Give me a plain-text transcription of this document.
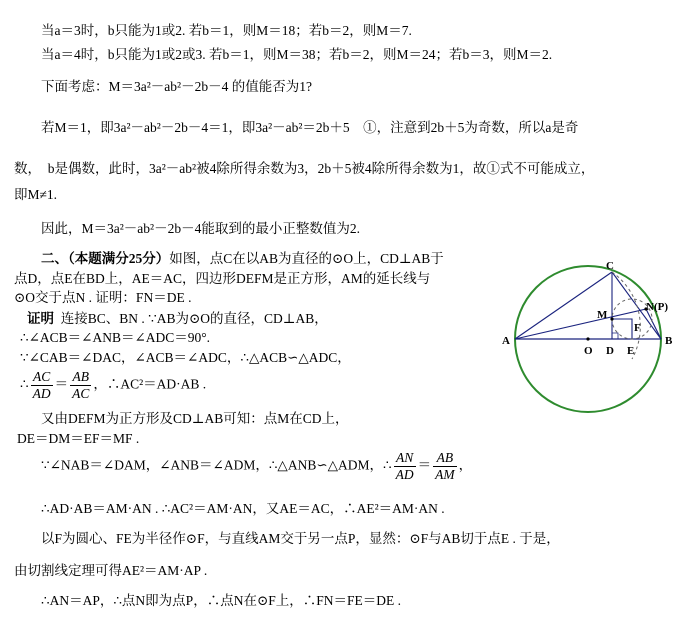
当a＝3时，b只能为1或2. 若b＝1，则M＝18；若b＝2，则M＝7.
当a＝4时，b只能为1或2或3. 若b＝1，则M＝38；若b＝2，则M＝24；若b＝3，则M＝2.
下面考虑：M＝3a²－ab²－2b－4 的值能否为1?
若M＝1，即3a²－ab²－2b－4＝1，即3a²－ab²＝2b＋5　①，注意到2b＋5为奇数，所以a是奇
数，　b是偶数，此时，3a²－ab²被4除所得余数为3，2b＋5被4除所得余数为1，故①式不可能成立，
即M≠1.
因此，M＝3a²－ab²－2b－4能取到的最小正整数值为2.
二、（本题满分25分）如图，点C在以AB为直径的⊙O上，CD⊥AB于
点D，点E在BD上，AE＝AC，四边形DEFM是正方形，AM的延长线与
⊙O交于点N . 证明：FN＝DE .
证明 连接BC、BN . ∵AB为⊙O的直径，CD⊥AB，
∴∠ACB＝∠ANB＝∠ADC＝90°.
∵∠CAB＝∠DAC，∠ACB＝∠ADC，∴△ACB∽△ADC，
∴ $\frac{AC}{AD} = \frac{AB}{AC}$ ，∴AC²＝AD·AB .
又由DEFM为正方形及CD⊥AB可知：点M在CD上，
DE＝DM＝EF＝MF .
∵∠NAB＝∠DAM，∠ANB＝∠ADM，∴△ANB∽△ADM，∴ $\frac{AN}{AD} = \frac{AB}{AM}$ ，
∴AD·AB＝AM·AN . ∴AC²＝AM·AN，又AE＝AC，∴AE²＝AM·AN .
以F为圆心、FE为半径作⊙F，与直线AM交于另一点P，显然：⊙F与AB切于点E . 于是，
由切割线定理可得AE²＝AM·AP .
∴AN＝AP，∴点N即为点P，∴点N在⊙F上，∴FN＝FE＝DE .
A	B
C
O D E
M
F
N(P)
